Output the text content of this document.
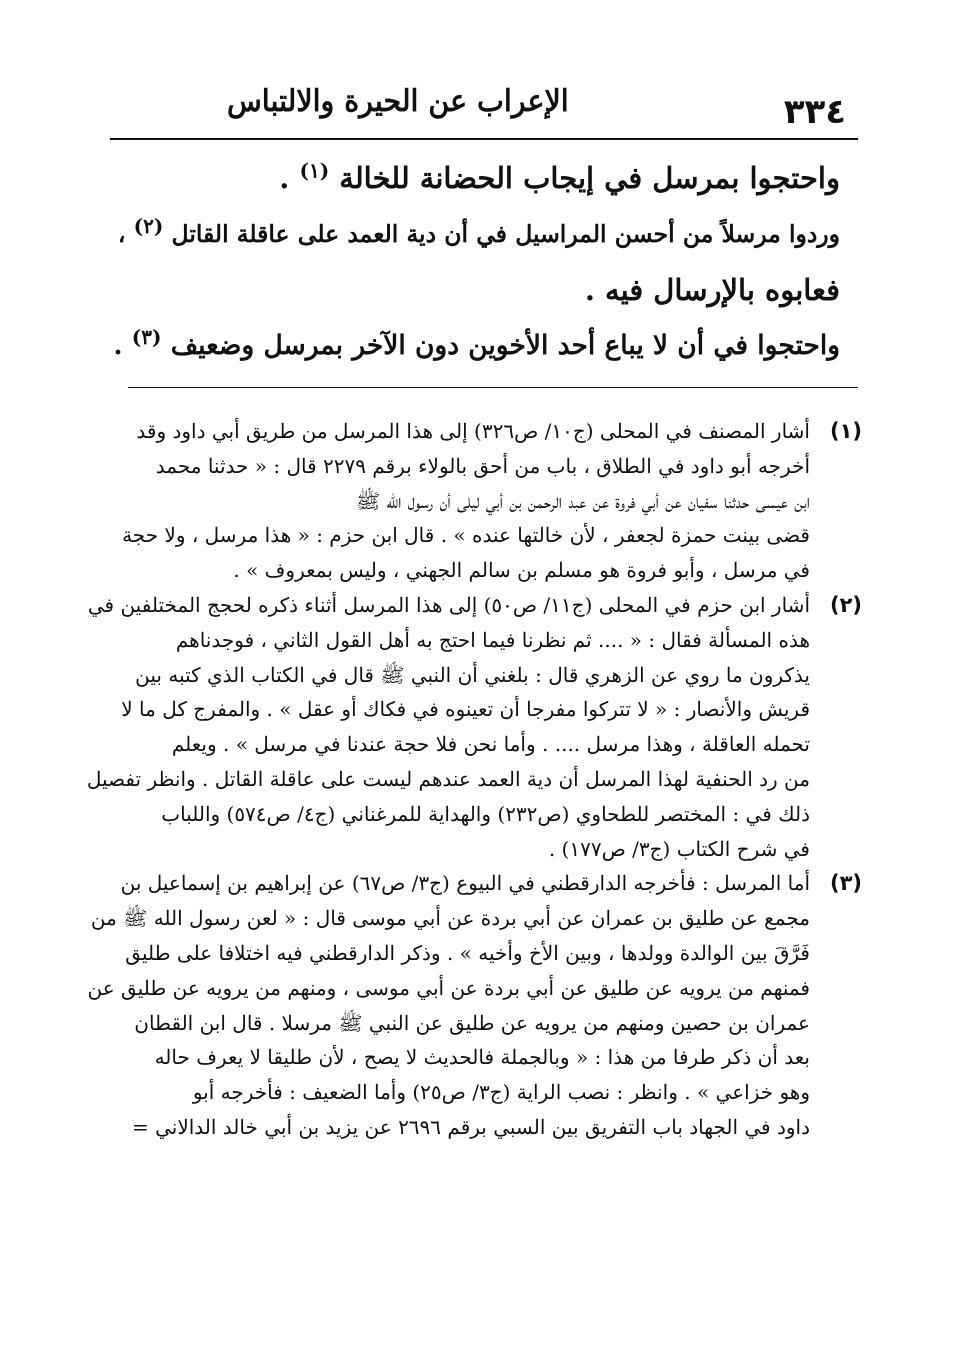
٣٣٤
الإعراب عن الحيرة والالتباس
واحتجوا بمرسل في إيجاب الحضانة للخالة $^{(١)}$ .
وردوا مرسلاً من أحسن المراسيل في أن دية العمد على عاقلة القاتل (٢) ،
فعابوه بالإرسال فيه .
واحتجوا في أن لا يباع أحد الأخوين دون الآخر بمرسل وضعيف $^{(٣)}$ .
(١)
أشار المصنف في المحلى (ج١٠/ ص٣٢٦) إلى هذا المرسل من طريق أبي داود وقد
أخرجه أبو داود في الطلاق ، باب من أحق بالولاء برقم ٢٢٧٩ قال : « حدثنا محمد
ابن عيسى حدثنا سفيان عن أبي فروة عن عبد الرحمن بن أبي ليلى أن رسول الله ﷺ
قضى بينت حمزة لجعفر ، لأن خالتها عنده » . قال ابن حزم : « هذا مرسل ، ولا حجة
في مرسل ، وأبو فروة هو مسلم بن سالم الجهني ، وليس بمعروف » .
(٢)
أشار ابن حزم في المحلى (ج١١/ ص٥٠) إلى هذا المرسل أثناء ذكره لحجج المختلفين في
هذه المسألة فقال : « .... ثم نظرنا فيما احتج به أهل القول الثاني ، فوجدناهم
يذكرون ما روي عن الزهري قال : بلغني أن النبي ﷺ قال في الكتاب الذي كتبه بين
قريش والأنصار : « لا تتركوا مفرجا أن تعينوه في فكاك أو عقل » . والمفرج كل ما لا
تحمله العاقلة ، وهذا مرسل .... . وأما نحن فلا حجة عندنا في مرسل » . ويعلم
من رد الحنفية لهذا المرسل أن دية العمد عندهم ليست على عاقلة القاتل . وانظر تفصيل
ذلك في : المختصر للطحاوي (ص٢٣٢) والهداية للمرغناني (ج٤/ ص٥٧٤) واللباب
في شرح الكتاب (ج٣/ ص١٧٧) .
(٣)
أما المرسل : فأخرجه الدارقطني في البيوع (ج٣/ ص٦٧) عن إبراهيم بن إسماعيل بن
مجمع عن طليق بن عمران عن أبي بردة عن أبي موسى قال : « لعن رسول الله ﷺ من
فَرَّقَ بين الوالدة وولدها ، وبين الأخ وأخيه » . وذكر الدارقطني فيه اختلافا على طليق
فمنهم من يرويه عن طليق عن أبي بردة عن أبي موسى ، ومنهم من يرويه عن طليق عن
عمران بن حصين ومنهم من يرويه عن طليق عن النبي ﷺ مرسلا . قال ابن القطان
بعد أن ذكر طرفا من هذا : « وبالجملة فالحديث لا يصح ، لأن طليقا لا يعرف حاله
وهو خزاعي » . وانظر : نصب الراية (ج٣/ ص٢٥) وأما الضعيف : فأخرجه أبو
داود في الجهاد باب التفريق بين السبي برقم ٢٦٩٦ عن يزيد بن أبي خالد الدالاني =
